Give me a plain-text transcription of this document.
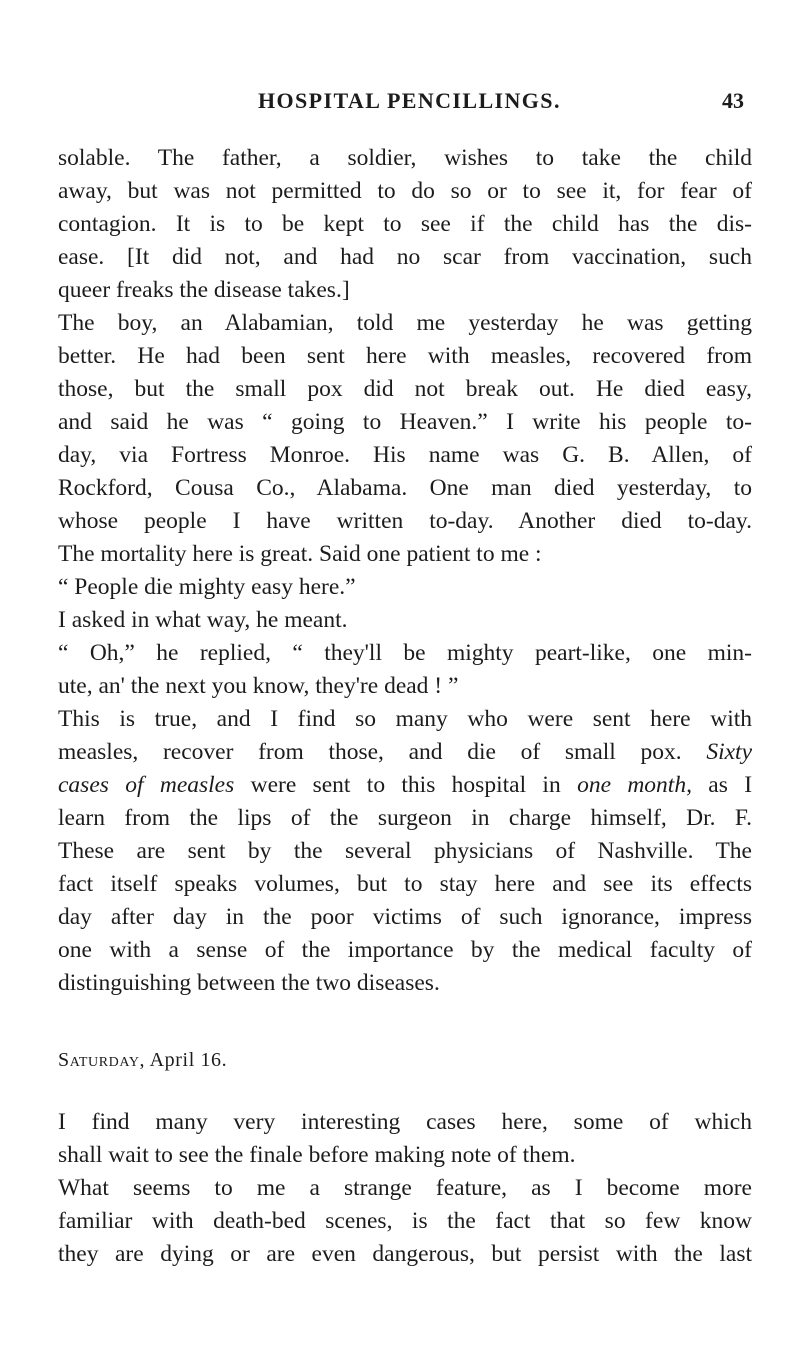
HOSPITAL PENCILLINGS.	43
solable. The father, a soldier, wishes to take the child
away, but was not permitted to do so or to see it, for fear of
contagion. It is to be kept to see if the child has the dis-
ease. [It did not, and had no scar from vaccination, such
queer freaks the disease takes.]
The boy, an Alabamian, told me yesterday he was getting
better. He had been sent here with measles, recovered from
those, but the small pox did not break out. He died easy,
and said he was “ going to Heaven.” I write his people to-
day, via Fortress Monroe. His name was G. B. Allen, of
Rockford, Cousa Co., Alabama. One man died yesterday, to
whose people I have written to-day. Another died to-day.
The mortality here is great. Said one patient to me :
“ People die mighty easy here.”
I asked in what way, he meant.
“ Oh,” he replied, “ they'll be mighty peart-like, one min-
ute, an' the next you know, they're dead ! ”
This is true, and I find so many who were sent here with
measles, recover from those, and die of small pox. Sixty
cases of measles were sent to this hospital in one month, as I
learn from the lips of the surgeon in charge himself, Dr. F.
These are sent by the several physicians of Nashville. The
fact itself speaks volumes, but to stay here and see its effects
day after day in the poor victims of such ignorance, impress
one with a sense of the importance by the medical faculty of
distinguishing between the two diseases.
Saturday, April 16.
I find many very interesting cases here, some of which
shall wait to see the finale before making note of them.
What seems to me a strange feature, as I become more
familiar with death-bed scenes, is the fact that so few know
they are dying or are even dangerous, but persist with the last
